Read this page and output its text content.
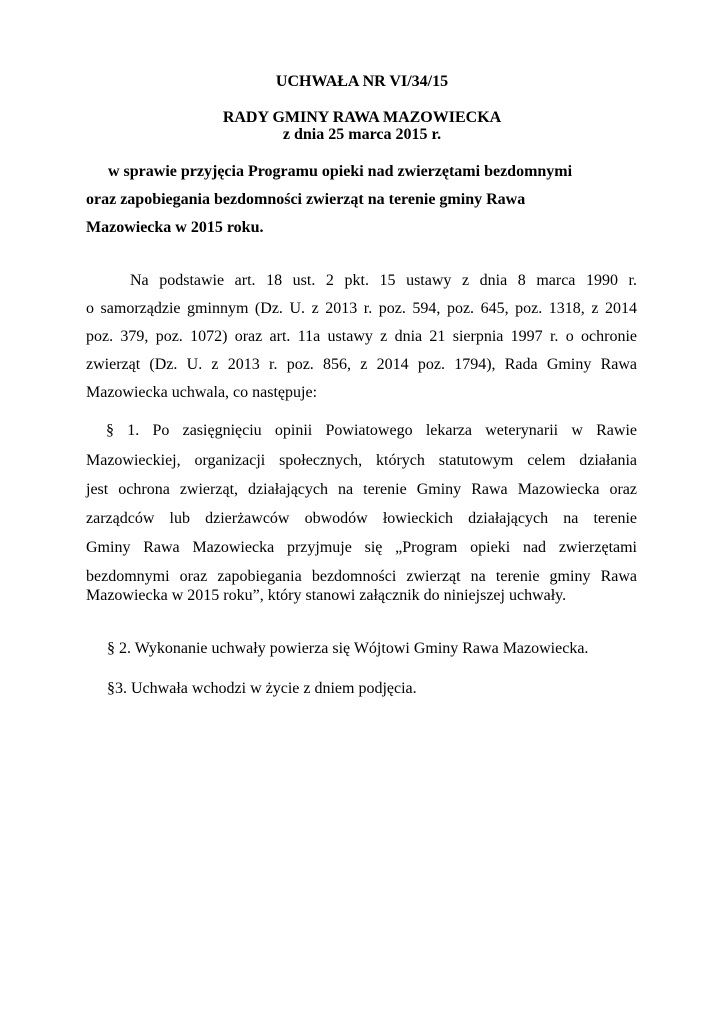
UCHWAŁA NR VI/34/15
RADY GMINY RAWA MAZOWIECKA
z dnia 25 marca 2015 r.
w sprawie przyjęcia Programu opieki nad zwierzętami bezdomnymi
oraz zapobiegania bezdomności zwierząt na terenie gminy Rawa
Mazowiecka w 2015 roku.
Na podstawie art. 18 ust. 2 pkt. 15 ustawy z dnia 8 marca 1990 r.
o samorządzie gminnym (Dz. U. z 2013 r. poz. 594, poz. 645, poz. 1318, z 2014
poz. 379, poz. 1072) oraz art. 11a ustawy z dnia 21 sierpnia 1997 r. o ochronie
zwierząt (Dz. U. z 2013 r. poz. 856, z 2014 poz. 1794), Rada Gminy Rawa
Mazowiecka uchwala, co następuje:
§ 1. Po zasięgnięciu opinii Powiatowego lekarza weterynarii w Rawie
Mazowieckiej, organizacji społecznych, których statutowym celem działania
jest ochrona zwierząt, działających na terenie Gminy Rawa Mazowiecka oraz
zarządców lub dzierżawców obwodów łowieckich działających na terenie
Gminy Rawa Mazowiecka przyjmuje się „Program opieki nad zwierzętami
bezdomnymi oraz zapobiegania bezdomności zwierząt na terenie gminy Rawa
Mazowiecka w 2015 roku”, który stanowi załącznik do niniejszej uchwały.
§ 2. Wykonanie uchwały powierza się Wójtowi Gminy Rawa Mazowiecka.
§3. Uchwała wchodzi w życie z dniem podjęcia.
